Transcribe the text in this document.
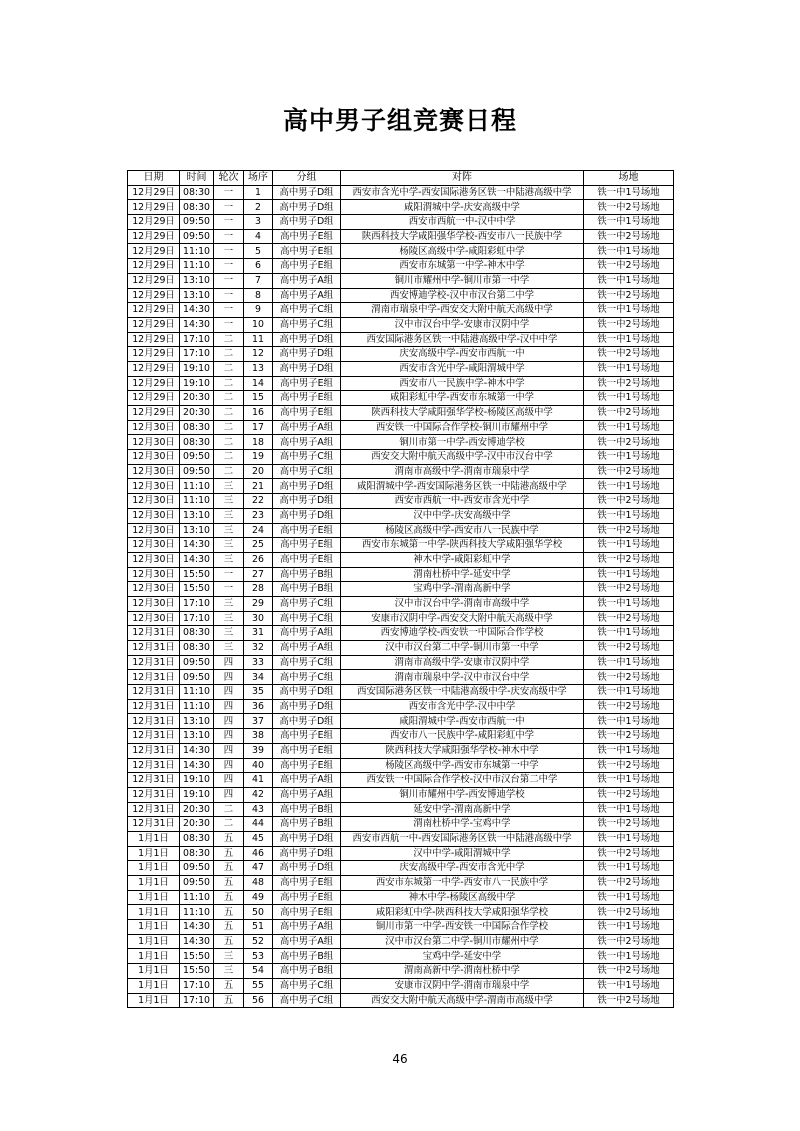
高中男子组竞赛日程
日期	时间	轮次	场序	分组	对阵	场地
12月29日	08:30	一	1	高中男子D组	西安市含光中学-西安国际港务区铁一中陆港高级中学	铁一中1号场地
12月29日	08:30	一	2	高中男子D组	咸阳渭城中学-庆安高级中学	铁一中2号场地
12月29日	09:50	一	3	高中男子D组	西安市西航一中-汉中中学	铁一中1号场地
12月29日	09:50	一	4	高中男子E组	陕西科技大学咸阳强华学校-西安市八一民族中学	铁一中2号场地
12月29日	11:10	一	5	高中男子E组	杨陵区高级中学-咸阳彩虹中学	铁一中1号场地
12月29日	11:10	一	6	高中男子E组	西安市东城第一中学-神木中学	铁一中2号场地
12月29日	13:10	一	7	高中男子A组	铜川市耀州中学-铜川市第一中学	铁一中1号场地
12月29日	13:10	一	8	高中男子A组	西安博迪学校-汉中市汉台第二中学	铁一中2号场地
12月29日	14:30	一	9	高中男子C组	渭南市瑞泉中学-西安交大附中航天高级中学	铁一中1号场地
12月29日	14:30	一	10	高中男子C组	汉中市汉台中学-安康市汉阴中学	铁一中2号场地
12月29日	17:10	二	11	高中男子D组	西安国际港务区铁一中陆港高级中学-汉中中学	铁一中1号场地
12月29日	17:10	二	12	高中男子D组	庆安高级中学-西安市西航一中	铁一中2号场地
12月29日	19:10	二	13	高中男子D组	西安市含光中学-咸阳渭城中学	铁一中1号场地
12月29日	19:10	二	14	高中男子E组	西安市八一民族中学-神木中学	铁一中2号场地
12月29日	20:30	二	15	高中男子E组	咸阳彩虹中学-西安市东城第一中学	铁一中1号场地
12月29日	20:30	二	16	高中男子E组	陕西科技大学咸阳强华学校-杨陵区高级中学	铁一中2号场地
12月30日	08:30	二	17	高中男子A组	西安铁一中国际合作学校-铜川市耀州中学	铁一中1号场地
12月30日	08:30	二	18	高中男子A组	铜川市第一中学-西安博迪学校	铁一中2号场地
12月30日	09:50	二	19	高中男子C组	西安交大附中航天高级中学-汉中市汉台中学	铁一中1号场地
12月30日	09:50	二	20	高中男子C组	渭南市高级中学-渭南市瑞泉中学	铁一中2号场地
12月30日	11:10	三	21	高中男子D组	咸阳渭城中学-西安国际港务区铁一中陆港高级中学	铁一中1号场地
12月30日	11:10	三	22	高中男子D组	西安市西航一中-西安市含光中学	铁一中2号场地
12月30日	13:10	三	23	高中男子D组	汉中中学-庆安高级中学	铁一中1号场地
12月30日	13:10	三	24	高中男子E组	杨陵区高级中学-西安市八一民族中学	铁一中2号场地
12月30日	14:30	三	25	高中男子E组	西安市东城第一中学-陕西科技大学咸阳强华学校	铁一中1号场地
12月30日	14:30	三	26	高中男子E组	神木中学-咸阳彩虹中学	铁一中2号场地
12月30日	15:50	一	27	高中男子B组	渭南杜桥中学-延安中学	铁一中1号场地
12月30日	15:50	一	28	高中男子B组	宝鸡中学-渭南高新中学	铁一中2号场地
12月30日	17:10	三	29	高中男子C组	汉中市汉台中学-渭南市高级中学	铁一中1号场地
12月30日	17:10	三	30	高中男子C组	安康市汉阴中学-西安交大附中航天高级中学	铁一中2号场地
12月31日	08:30	三	31	高中男子A组	西安博迪学校-西安铁一中国际合作学校	铁一中1号场地
12月31日	08:30	三	32	高中男子A组	汉中市汉台第二中学-铜川市第一中学	铁一中2号场地
12月31日	09:50	四	33	高中男子C组	渭南市高级中学-安康市汉阴中学	铁一中1号场地
12月31日	09:50	四	34	高中男子C组	渭南市瑞泉中学-汉中市汉台中学	铁一中2号场地
12月31日	11:10	四	35	高中男子D组	西安国际港务区铁一中陆港高级中学-庆安高级中学	铁一中1号场地
12月31日	11:10	四	36	高中男子D组	西安市含光中学-汉中中学	铁一中2号场地
12月31日	13:10	四	37	高中男子D组	咸阳渭城中学-西安市西航一中	铁一中1号场地
12月31日	13:10	四	38	高中男子E组	西安市八一民族中学-咸阳彩虹中学	铁一中2号场地
12月31日	14:30	四	39	高中男子E组	陕西科技大学咸阳强华学校-神木中学	铁一中1号场地
12月31日	14:30	四	40	高中男子E组	杨陵区高级中学-西安市东城第一中学	铁一中2号场地
12月31日	19:10	四	41	高中男子A组	西安铁一中国际合作学校-汉中市汉台第二中学	铁一中1号场地
12月31日	19:10	四	42	高中男子A组	铜川市耀州中学-西安博迪学校	铁一中2号场地
12月31日	20:30	二	43	高中男子B组	延安中学-渭南高新中学	铁一中1号场地
12月31日	20:30	二	44	高中男子B组	渭南杜桥中学-宝鸡中学	铁一中2号场地
1月1日	08:30	五	45	高中男子D组	西安市西航一中-西安国际港务区铁一中陆港高级中学	铁一中1号场地
1月1日	08:30	五	46	高中男子D组	汉中中学-咸阳渭城中学	铁一中2号场地
1月1日	09:50	五	47	高中男子D组	庆安高级中学-西安市含光中学	铁一中1号场地
1月1日	09:50	五	48	高中男子E组	西安市东城第一中学-西安市八一民族中学	铁一中2号场地
1月1日	11:10	五	49	高中男子E组	神木中学-杨陵区高级中学	铁一中1号场地
1月1日	11:10	五	50	高中男子E组	咸阳彩虹中学-陕西科技大学咸阳强华学校	铁一中2号场地
1月1日	14:30	五	51	高中男子A组	铜川市第一中学-西安铁一中国际合作学校	铁一中1号场地
1月1日	14:30	五	52	高中男子A组	汉中市汉台第二中学-铜川市耀州中学	铁一中2号场地
1月1日	15:50	三	53	高中男子B组	宝鸡中学-延安中学	铁一中1号场地
1月1日	15:50	三	54	高中男子B组	渭南高新中学-渭南杜桥中学	铁一中2号场地
1月1日	17:10	五	55	高中男子C组	安康市汉阴中学-渭南市瑞泉中学	铁一中1号场地
1月1日	17:10	五	56	高中男子C组	西安交大附中航天高级中学-渭南市高级中学	铁一中2号场地
46
